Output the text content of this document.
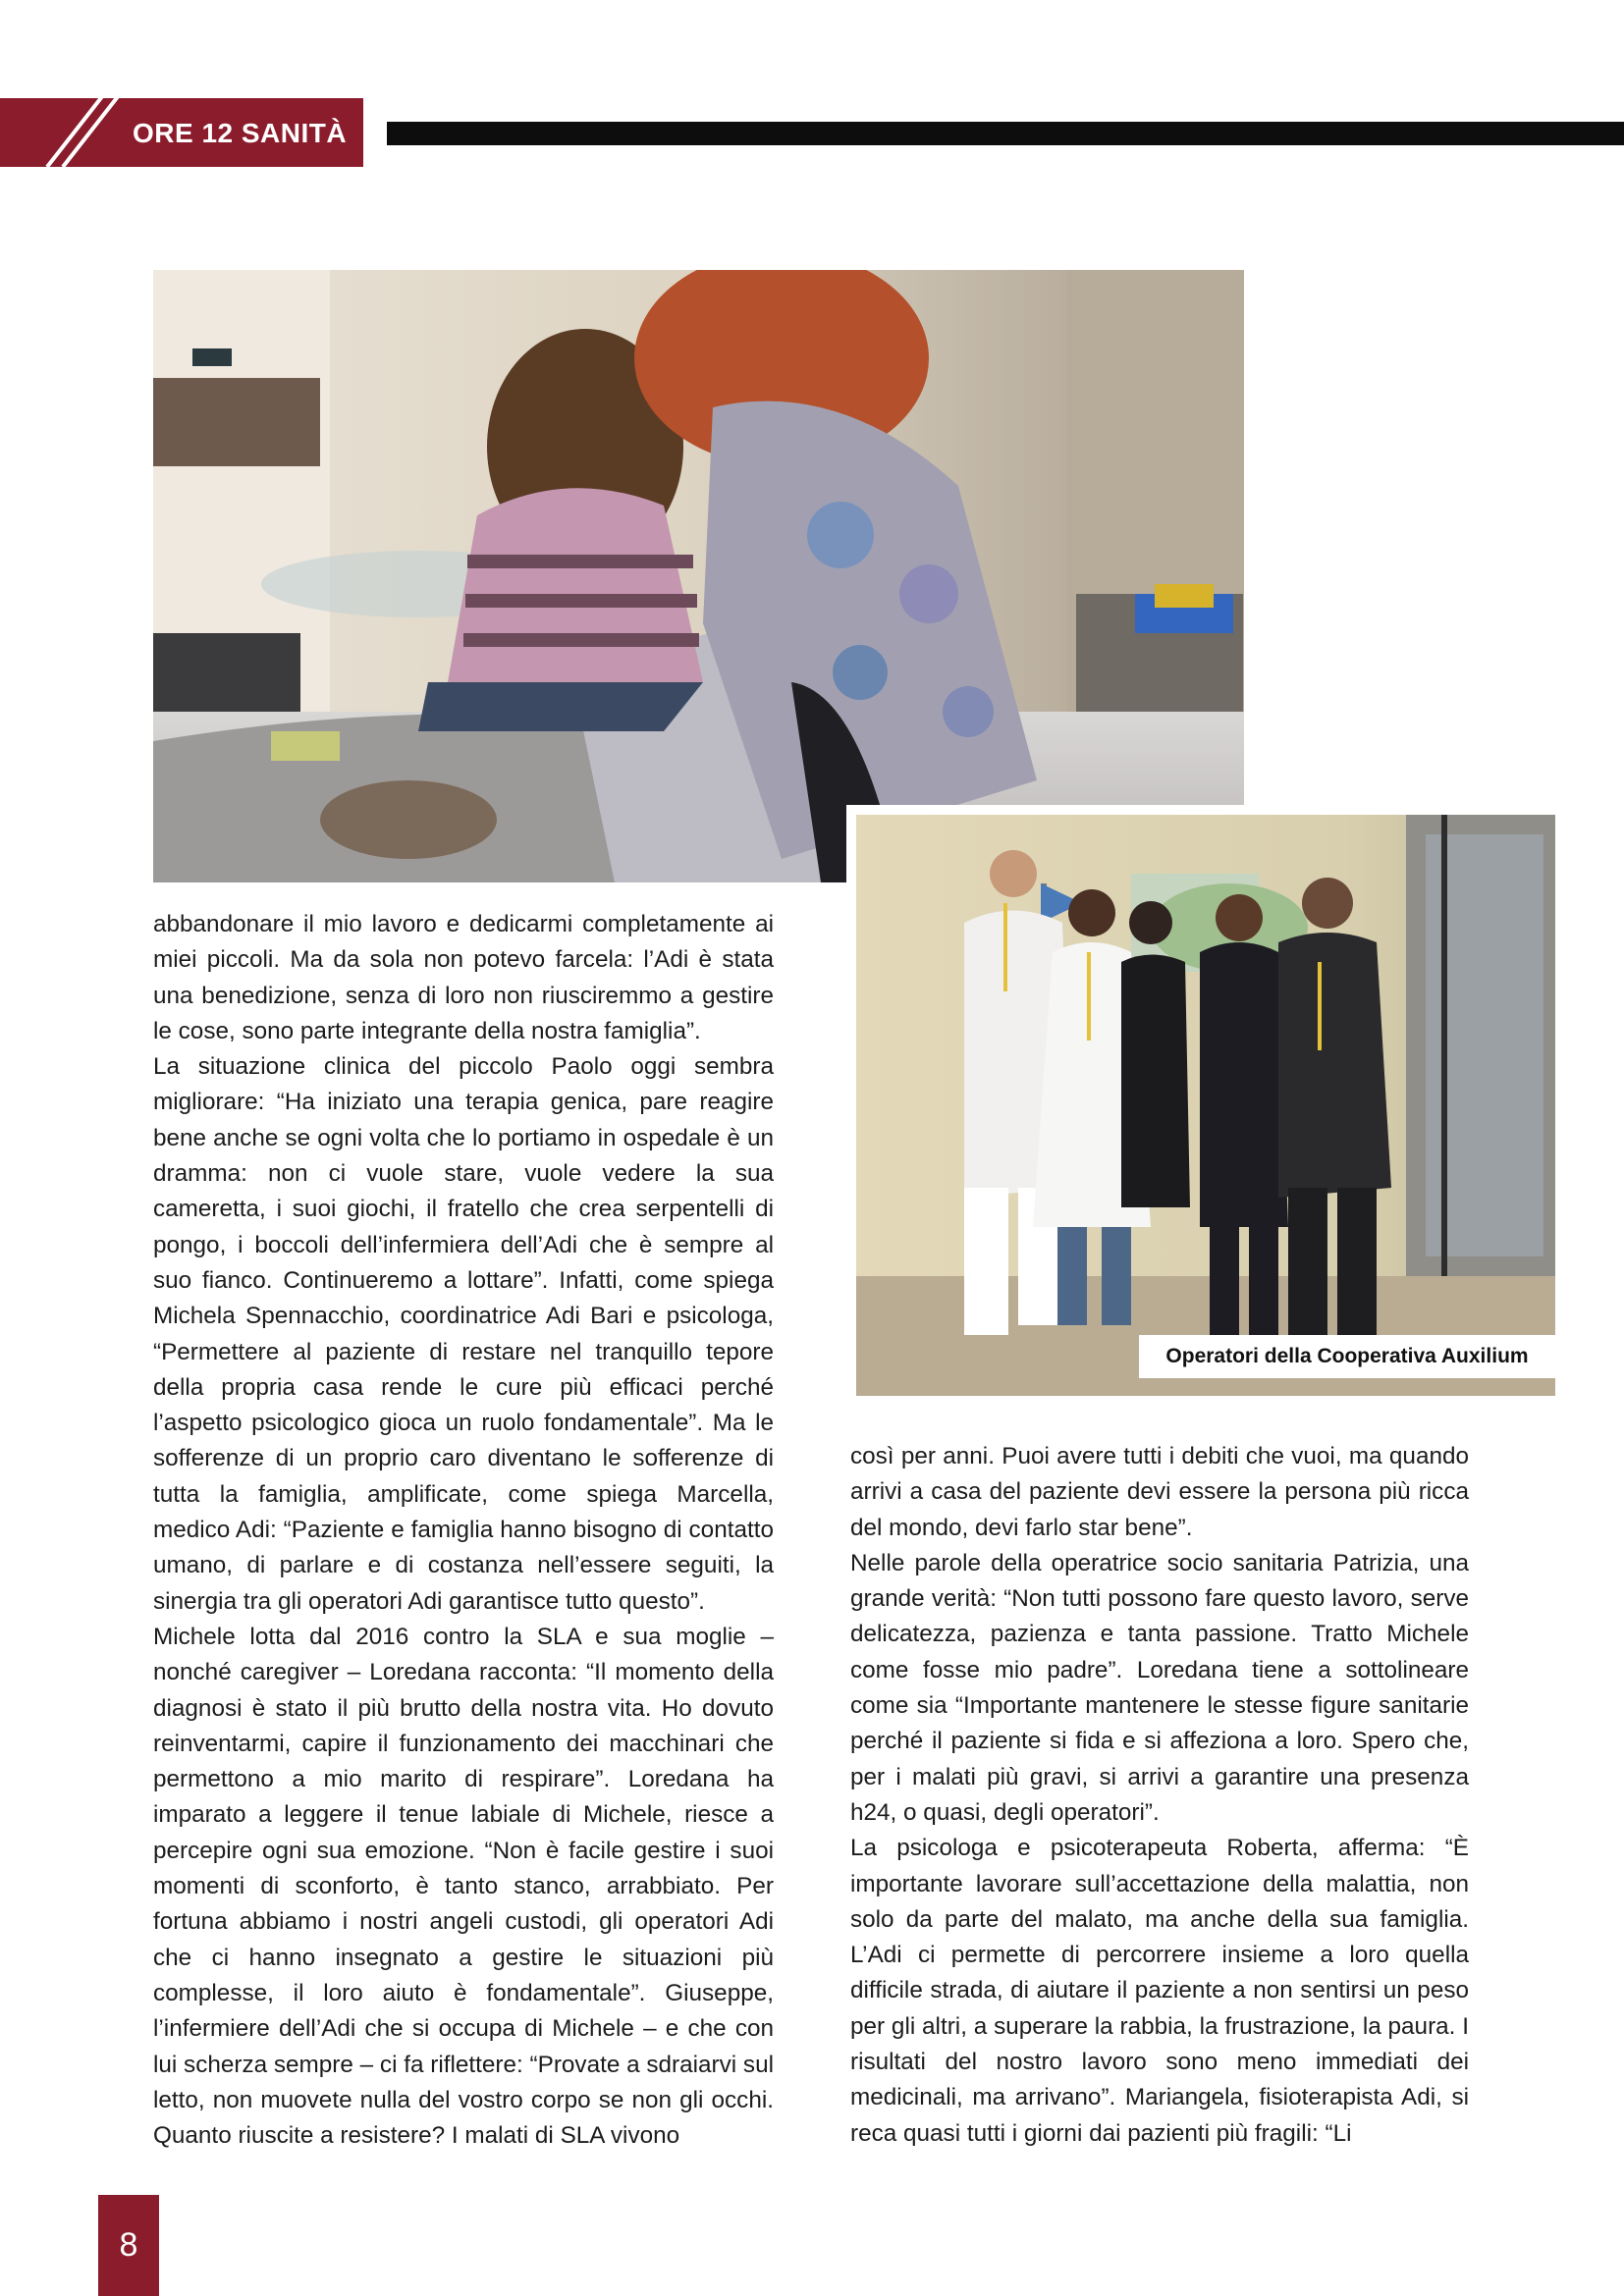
ORE 12 SANITÀ
Operatori della Cooperativa Auxilium

abbandonare il mio lavoro e dedicarmi completamente ai miei piccoli. Ma da sola non potevo farcela: l’Adi è stata una benedizione, senza di loro non riusciremmo a gestire le cose, sono parte integrante della nostra famiglia”.

La situazione clinica del piccolo Paolo oggi sembra migliorare: “Ha iniziato una terapia genica, pare reagire bene anche se ogni volta che lo portiamo in ospedale è un dramma: non ci vuole stare, vuole vedere la sua cameretta, i suoi giochi, il fratello che crea serpentelli di pongo, i boccoli dell’infermiera dell’Adi che è sempre al suo fianco. Continueremo a lottare”. Infatti, come spiega Michela Spennacchio, coordinatrice Adi Bari e psicologa, “Permettere al paziente di restare nel tranquillo tepore della propria casa rende le cure più efficaci perché l’aspetto psicologico gioca un ruolo fondamentale”. Ma le sofferenze di un proprio caro diventano le sofferenze di tutta la famiglia, amplificate, come spiega Marcella, medico Adi: “Paziente e famiglia hanno bisogno di contatto umano, di parlare e di costanza nell’essere seguiti, la sinergia tra gli operatori Adi garantisce tutto questo”.

Michele lotta dal 2016 contro la SLA e sua moglie – nonché caregiver – Loredana racconta: “Il momento della diagnosi è stato il più brutto della nostra vita. Ho dovuto reinventarmi, capire il funzionamento dei macchinari che permettono a mio marito di respirare”. Loredana ha imparato a leggere il tenue labiale di Michele, riesce a percepire ogni sua emozione. “Non è facile gestire i suoi momenti di sconforto, è tanto stanco, arrabbiato. Per fortuna abbiamo i nostri angeli custodi, gli operatori Adi che ci hanno insegnato a gestire le situazioni più complesse, il loro aiuto è fondamentale”. Giuseppe, l’infermiere dell’Adi che si occupa di Michele – e che con lui scherza sempre – ci fa riflettere: “Provate a sdraiarvi sul letto, non muovete nulla del vostro corpo se non gli occhi. Quanto riuscite a resistere? I malati di SLA vivono

così per anni. Puoi avere tutti i debiti che vuoi, ma quando arrivi a casa del paziente devi essere la persona più ricca del mondo, devi farlo star bene”.

Nelle parole della operatrice socio sanitaria Patrizia, una grande verità: “Non tutti possono fare questo lavoro, serve delicatezza, pazienza e tanta passione. Tratto Michele come fosse mio padre”. Loredana tiene a sottolineare come sia “Importante mantenere le stesse figure sanitarie perché il paziente si fida e si affeziona a loro. Spero che, per i malati più gravi, si arrivi a garantire una presenza h24, o quasi, degli operatori”.

La psicologa e psicoterapeuta Roberta, afferma: “È importante lavorare sull’accettazione della malattia, non solo da parte del malato, ma anche della sua famiglia. L’Adi ci permette di percorrere insieme a loro quella difficile strada, di aiutare il paziente a non sentirsi un peso per gli altri, a superare la rabbia, la frustrazione, la paura. I risultati del nostro lavoro sono meno immediati dei medicinali, ma arrivano”. Mariangela, fisioterapista Adi, si reca quasi tutti i giorni dai pazienti più fragili: “Li

8
